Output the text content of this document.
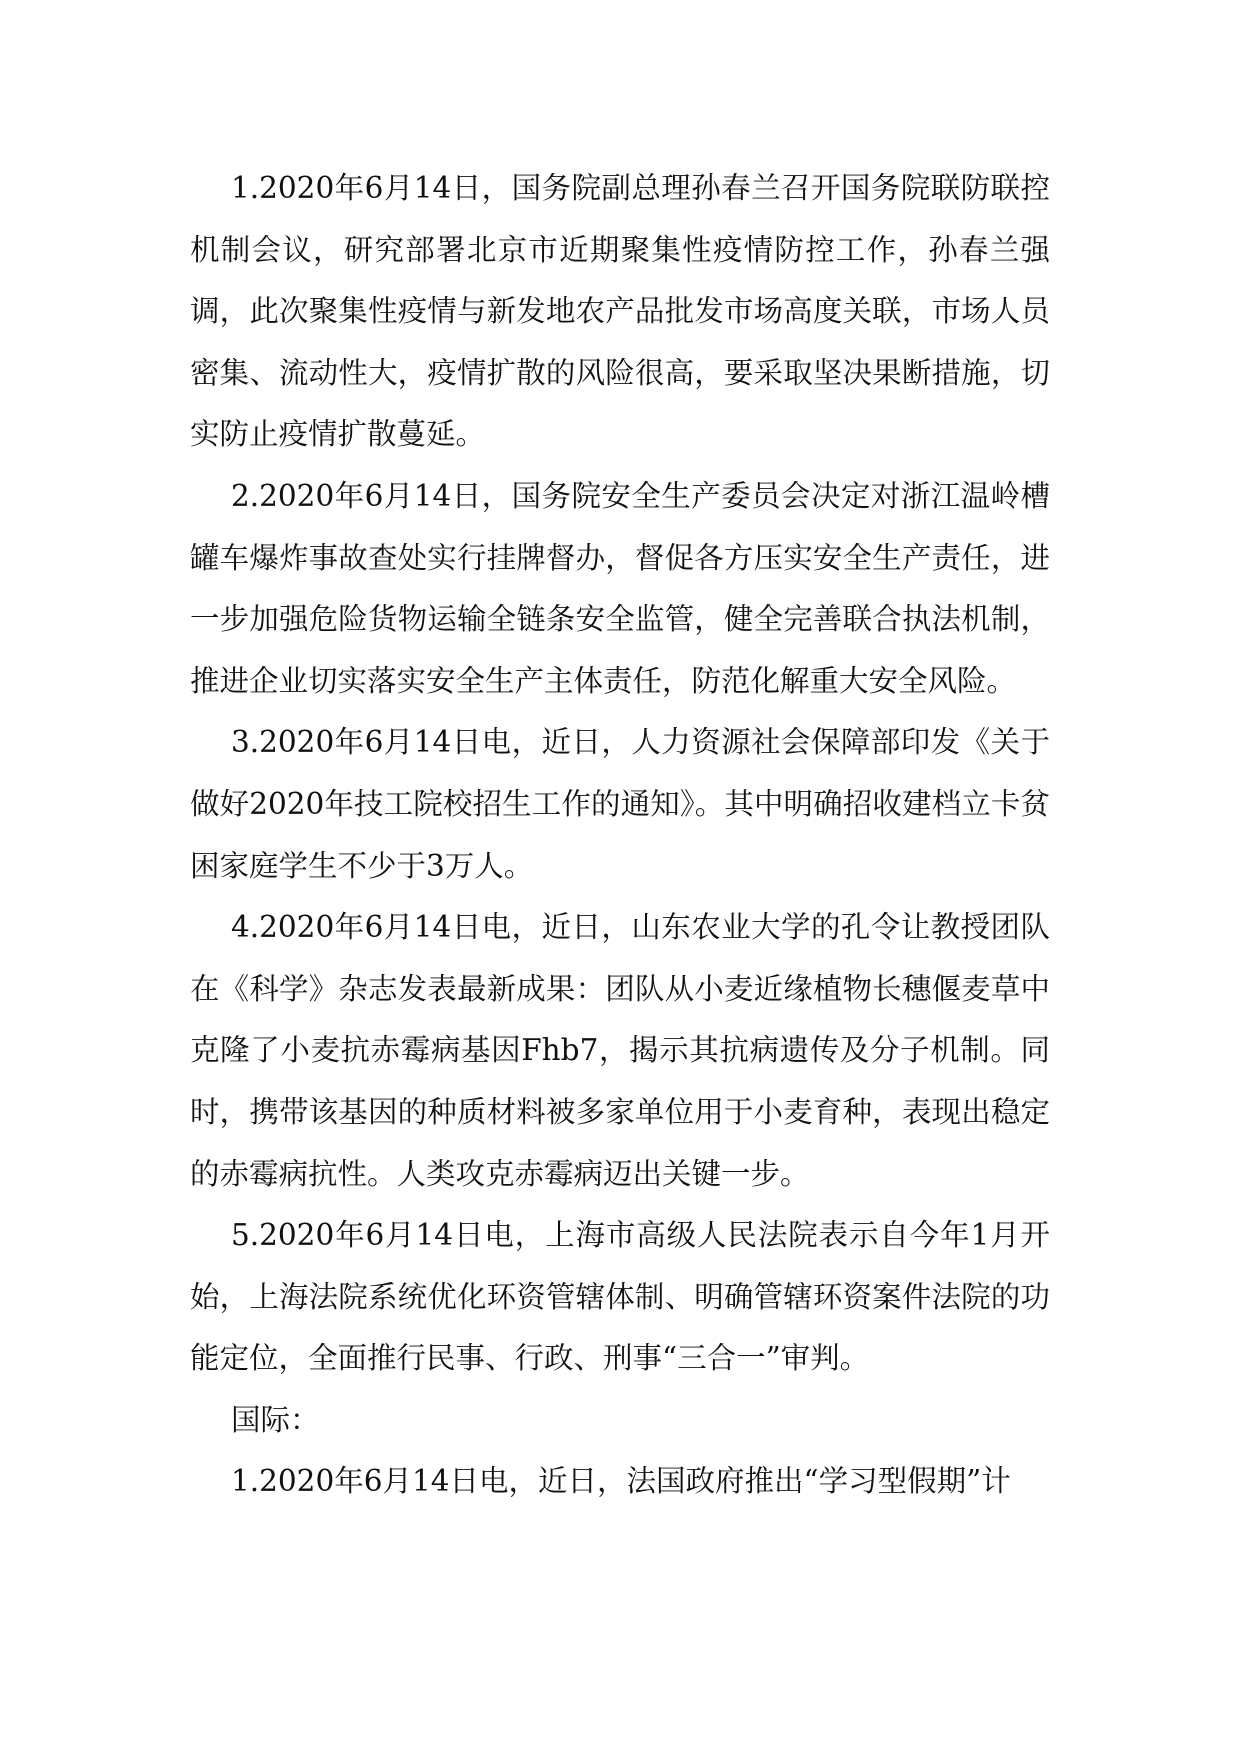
1.2020年6月14日，国务院副总理孙春兰召开国务院联防联控机制会议，研究部署北京市近期聚集性疫情防控工作，孙春兰强调，此次聚集性疫情与新发地农产品批发市场高度关联，市场人员密集、流动性大，疫情扩散的风险很高，要采取坚决果断措施，切实防止疫情扩散蔓延。

2.2020年6月14日，国务院安全生产委员会决定对浙江温岭槽罐车爆炸事故查处实行挂牌督办，督促各方压实安全生产责任，进一步加强危险货物运输全链条安全监管，健全完善联合执法机制，推进企业切实落实安全生产主体责任，防范化解重大安全风险。

3.2020年6月14日电，近日，人力资源社会保障部印发《关于做好2020年技工院校招生工作的通知》。其中明确招收建档立卡贫困家庭学生不少于3万人。

4.2020年6月14日电，近日，山东农业大学的孔令让教授团队在《科学》杂志发表最新成果：团队从小麦近缘植物长穗偃麦草中克隆了小麦抗赤霉病基因Fhb7，揭示其抗病遗传及分子机制。同时，携带该基因的种质材料被多家单位用于小麦育种，表现出稳定的赤霉病抗性。人类攻克赤霉病迈出关键一步。

5.2020年6月14日电，上海市高级人民法院表示自今年1月开始，上海法院系统优化环资管辖体制、明确管辖环资案件法院的功能定位，全面推行民事、行政、刑事“三合一”审判。

国际：

1.2020年6月14日电，近日，法国政府推出“学习型假期”计
